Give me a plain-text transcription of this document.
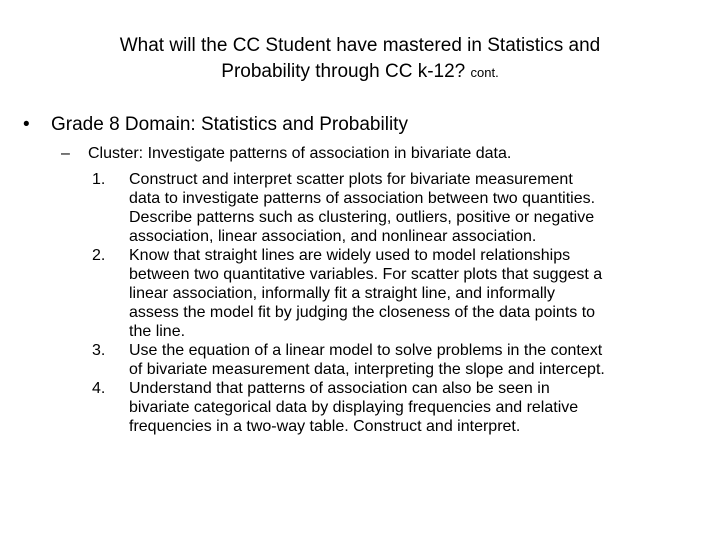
What will the CC Student have mastered in Statistics and
Probability through CC k-12? cont.
• Grade 8 Domain: Statistics and Probability
– Cluster: Investigate patterns of association in bivariate data.
1. Construct and interpret scatter plots for bivariate measurement
data to investigate patterns of association between two quantities.
Describe patterns such as clustering, outliers, positive or negative
association, linear association, and nonlinear association.
2. Know that straight lines are widely used to model relationships
between two quantitative variables. For scatter plots that suggest a
linear association, informally fit a straight line, and informally
assess the model fit by judging the closeness of the data points to
the line.
3. Use the equation of a linear model to solve problems in the context
of bivariate measurement data, interpreting the slope and intercept.
4. Understand that patterns of association can also be seen in
bivariate categorical data by displaying frequencies and relative
frequencies in a two-way table. Construct and interpret.
